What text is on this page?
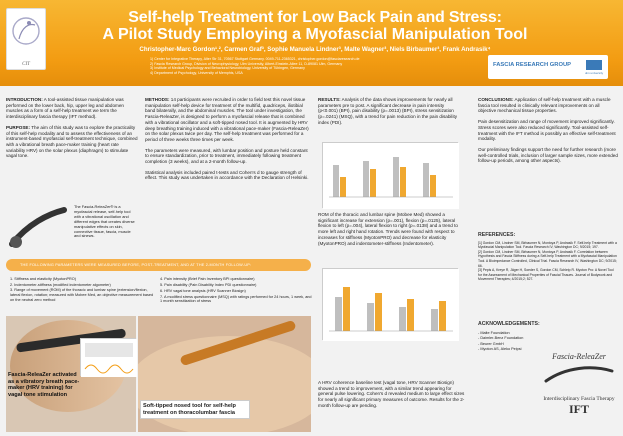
CIT
Self-help Treatment for Low Back Pain and Stress:
A Pilot Study Employing a Myofascial Manipulation Tool
Christopher-Marc Gordon¹,², Carmen Graf³, Sophie Manuela Lindner³, Malte Wagner³, Niels Birbaumer³, Frank Andrasik⁴
1) Center for Integrative Therapy, Alter Str 31, 70567 Stuttgart Germany. 0049-711-2365321, christopher.gordon@fasciaresearch.de
2) Fascia Research Group, Division of Neurophysiology, Ulm University, Albert-Einstein-Allee 11, D-89081 Ulm, Germany
3) Institute of Medical Psychology and Behavioral Neurobiology, University of Tübingen, Germany
4) Department of Psychology, University of Memphis, USA
FASCIA RESEARCH GROUP
ulm university

INTRODUCTION: A tool-assisted tissue manipulation was performed on the lower back, hip, upper leg and abdomen muscles as a form of a self-help treatment we term the interdisciplinary fascia therapy (IFT method).

PURPOSE: The aim of this study was to explore the practicality of this self-help modality and to assess the effectiveness of an instrument-based myofascial self-treatment technique, combined with a vibrational breath pace-maker training (heart rate variability HRV) on the solar plexus (diaphragm) to stimulate vagal tone.

The Fascia-ReleaZer® is a myofascial release, self-help tool with a vibrational oscillation and different edges that creates diverse manipulative effects on skin, connective tissue, fascia, muscle and sinews.

METHODS: 14 participants were recruited in order to field test this novel tissue manipulation self-help device for treatment of the multifid, quadriceps, iliotibial band bilaterally, and the abdominal muscles. The tool under investigation, the Fascia-ReleaZer, is designed to perform a myofascial release that is combined with a vibrational oscillator and a soft-tipped nosed tool. It is augmented by HRV deep breathing training induced with a vibrational pace-maker (Fascia-ReleaZer) on the solar plexus twice per day. The self-help treatment was performed for a period of three weeks three times per week.

The parameters were measured, with lumbar position and posture held constant to ensure standardization, prior to treatment, immediately following treatment completion (3 weeks), and at a 2-month follow-up.

Statistical analysis included paired t-tests and Cohen's d to gauge strength of effect. This study was undertaken in accordance with the Declaration of Helsinki.

THE FOLLOWING PARAMETERS WERE MEASURED BEFORE, POST-TREATMENT, AND AT THE 2-MONTH FOLLOW-UP:
1. Stiffness and elasticity (MyotonPRO)
2. Indentometer-stiffness (modified indentometer algometer)
3. Range of movement (ROM) of the thoracic and lumbar spine (extension/flexion, lateral flexion, rotation; measured with Mobee Med, an objective measurement based on the neutral zero method
4. Pain intensity (Brief Pain Inventory BPI questionnaire)
5. Pain disability (Pain Disability Index PDI questionnaire)
6. HRV vagal tone analysis (HRV Scanner Biosign)
7. A modified stress questionnaire (MSQ) with ratings performed for 24 hours, 1 week, and 1 month sensitization of stress
Fascia-ReleaZer activated as a vibratory breath pace-maker (HRV training) for vagal tone stimulation
Soft-tipped nosed tool for self-help treatment on thoracolumbar fascia

RESULTS: Analysis of the data shows improvements for nearly all parameters pre to post. A significant decrease in pain intensity (p<0.001) (BPI), pain disability (p=.0013) (BPI), stress sensitization (p=.0241) (MSQ), with a trend for pain reduction in the pain disability index (PDI).

ROM of the thoracic and lumbar spine (Mobee Med) showed a significant increase for extension (p=.001), flexion (p=.0125), lateral flexion to left (p=.004), lateral flexion to right (p=.0138) and a trend to more left and right hand rotation. Trends were found with respect to increases for stiffness (MyotonPRO) and decrease for elasticity (MyotonPRO) and indentometer-stiffness (Indentometer).
A HRV coherence baseline test (vagal tone, HRV Scanner Biosign) showed a trend to improvement, with a similar trend appearing for general pulse lowering. Cohen's d revealed medium to large effect sizes for nearly all significant primary measures of outcome. Results for the 2-month follow-up are pending.

CONCLUSIONS: Application of self-help treatment with a muscle fascia tool resulted in clinically relevant improvements on all objective mechanical tissue properties.

Pain desensitization and range of movement improved significantly. Stress scores were also reduced significantly. Tool-assisted self-treatment with the IFT method is possibly an effective self-treatment modality.

Our preliminary findings support the need for further research (more well-controlled trials, inclusion of larger sample sizes, more extended follow-up periods, among other aspects).

REFERENCES:
[1] Gordon CM, Lindner SM, Birbaumer N, Montoya P, Andrasik F. Self-help Treatment with a Myofascial Manipulation Tool. Fascia Research IV, Washington DC; 9/2015; 197.
[2] Gordon CM, Lindner SM, Birbaumer N, Montoya P, Andrasik F. Correlation between Hypothesis and Fascia Stiffness during a Self-help Treatment with a Myofascial Manipulation Tool. A Bioimpedance Controlled, Clinical Trial. Fascia Research IV, Washington DC; 9/2015; 66.
[3] Pepis A, Kreye R, Jäger H, Soeder S, Gordon CM, Schleip R. Myoton Pro: A Novel Tool for the Assessment of Mechanical Properties of Fascial Tissues. Journal of Bodywork and Movement Therapies; 4/2015;2; 527.
ACKNOWLEDGEMENTS:
- Malte Foundation
- Daimler-Benz Foundation
- Beurer GmbH
- Myoton AS, Aleko Peipsi
Fascia-ReleaZer
Interdisciplinary Fascia Therapy
IFT
